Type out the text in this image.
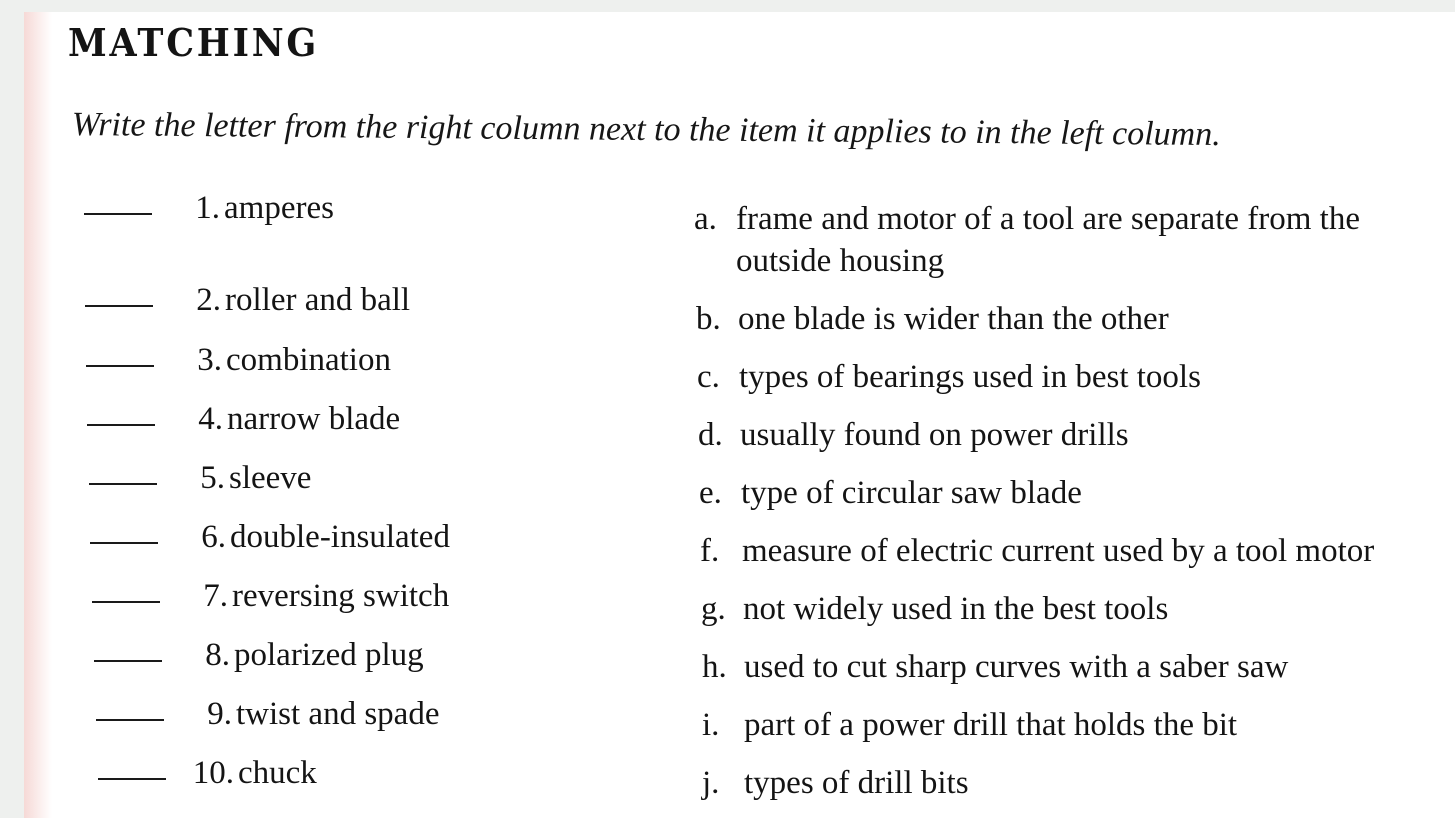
MATCHING
Write the letter from the right column next to the item it applies to in the left column.
1. amperes
2. roller and ball
3. combination
4. narrow blade
5. sleeve
6. double-insulated
7. reversing switch
8. polarized plug
9. twist and spade
10. chuck
a. frame and motor of a tool are separate from the
outside housing
b. one blade is wider than the other
c. types of bearings used in best tools
d. usually found on power drills
e. type of circular saw blade
f. measure of electric current used by a tool motor
g. not widely used in the best tools
h. used to cut sharp curves with a saber saw
i. part of a power drill that holds the bit
j. types of drill bits
